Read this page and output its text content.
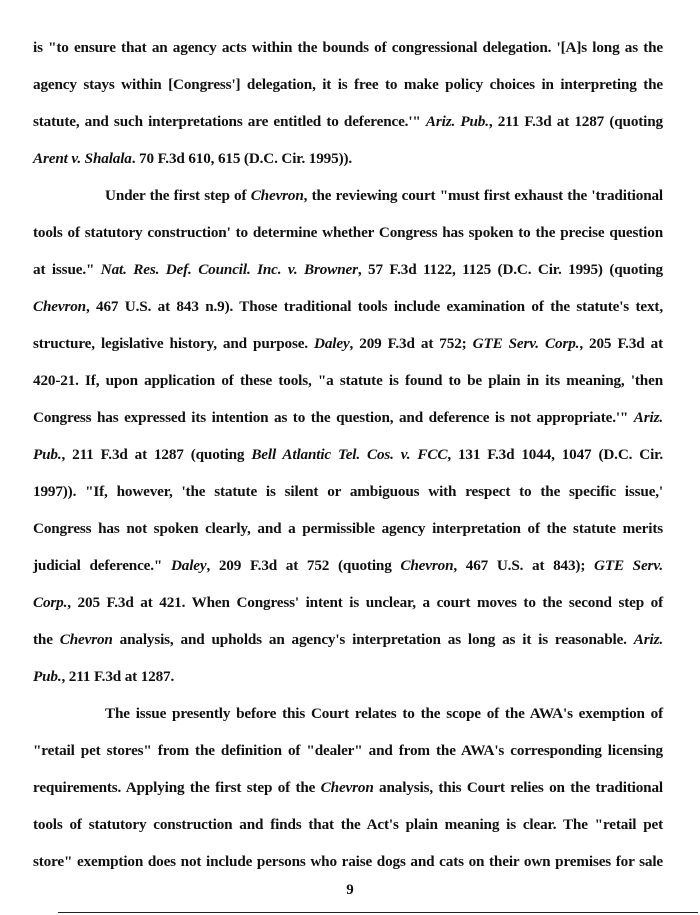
is "to ensure that an agency acts within the bounds of congressional delegation. '[A]s long as the
agency stays within [Congress'] delegation, it is free to make policy choices in interpreting the
statute, and such interpretations are entitled to deference.'" Ariz. Pub., 211 F.3d at 1287 (quoting
Arent v. Shalala. 70 F.3d 610, 615 (D.C. Cir. 1995)).
Under the first step of Chevron, the reviewing court "must first exhaust the 'traditional
tools of statutory construction' to determine whether Congress has spoken to the precise question
at issue." Nat. Res. Def. Council. Inc. v. Browner, 57 F.3d 1122, 1125 (D.C. Cir. 1995) (quoting
Chevron, 467 U.S. at 843 n.9). Those traditional tools include examination of the statute's text,
structure, legislative history, and purpose. Daley, 209 F.3d at 752; GTE Serv. Corp., 205 F.3d at
420-21. If, upon application of these tools, "a statute is found to be plain in its meaning, 'then
Congress has expressed its intention as to the question, and deference is not appropriate.'" Ariz.
Pub., 211 F.3d at 1287 (quoting Bell Atlantic Tel. Cos. v. FCC, 131 F.3d 1044, 1047 (D.C. Cir.
1997)). "If, however, 'the statute is silent or ambiguous with respect to the specific issue,'
Congress has not spoken clearly, and a permissible agency interpretation of the statute merits
judicial deference." Daley, 209 F.3d at 752 (quoting Chevron, 467 U.S. at 843); GTE Serv.
Corp., 205 F.3d at 421. When Congress' intent is unclear, a court moves to the second step of
the Chevron analysis, and upholds an agency's interpretation as long as it is reasonable. Ariz.
Pub., 211 F.3d at 1287.
The issue presently before this Court relates to the scope of the AWA's exemption of
"retail pet stores" from the definition of "dealer" and from the AWA's corresponding licensing
requirements. Applying the first step of the Chevron analysis, this Court relies on the traditional
tools of statutory construction and finds that the Act's plain meaning is clear. The "retail pet
store" exemption does not include persons who raise dogs and cats on their own premises for sale
9
